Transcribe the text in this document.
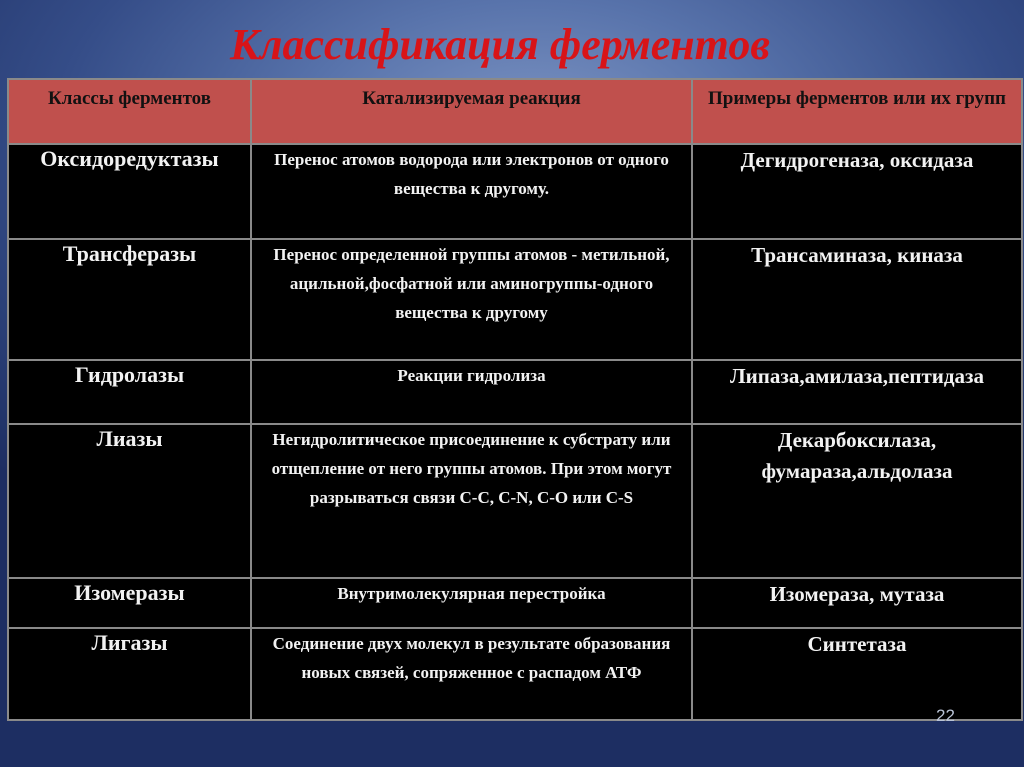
Классификация ферментов
Классы ферментов	Катализируемая реакция	Примеры ферментов или их групп
Оксидоредуктазы	Перенос атомов водорода или электронов от одного вещества к другому.	Дегидрогеназа, оксидаза
Трансферазы	Перенос определенной группы атомов - метильной, ацильной,фосфатной или аминогруппы-одного вещества к другому	Трансаминаза, киназа
Гидролазы	Реакции гидролиза	Липаза,амилаза,пептидаза
Лиазы	Негидролитическое присоединение к субстрату или отщепление от него группы атомов. При этом могут разрываться связи С-С, С-N, С-O или С-S	Декарбоксилаза, фумараза,альдолаза
Изомеразы	Внутримолекулярная перестройка	Изомераза, мутаза
Лигазы	Соединение двух молекул в результате образования новых связей, сопряженное с распадом АТФ	Синтетаза
22
